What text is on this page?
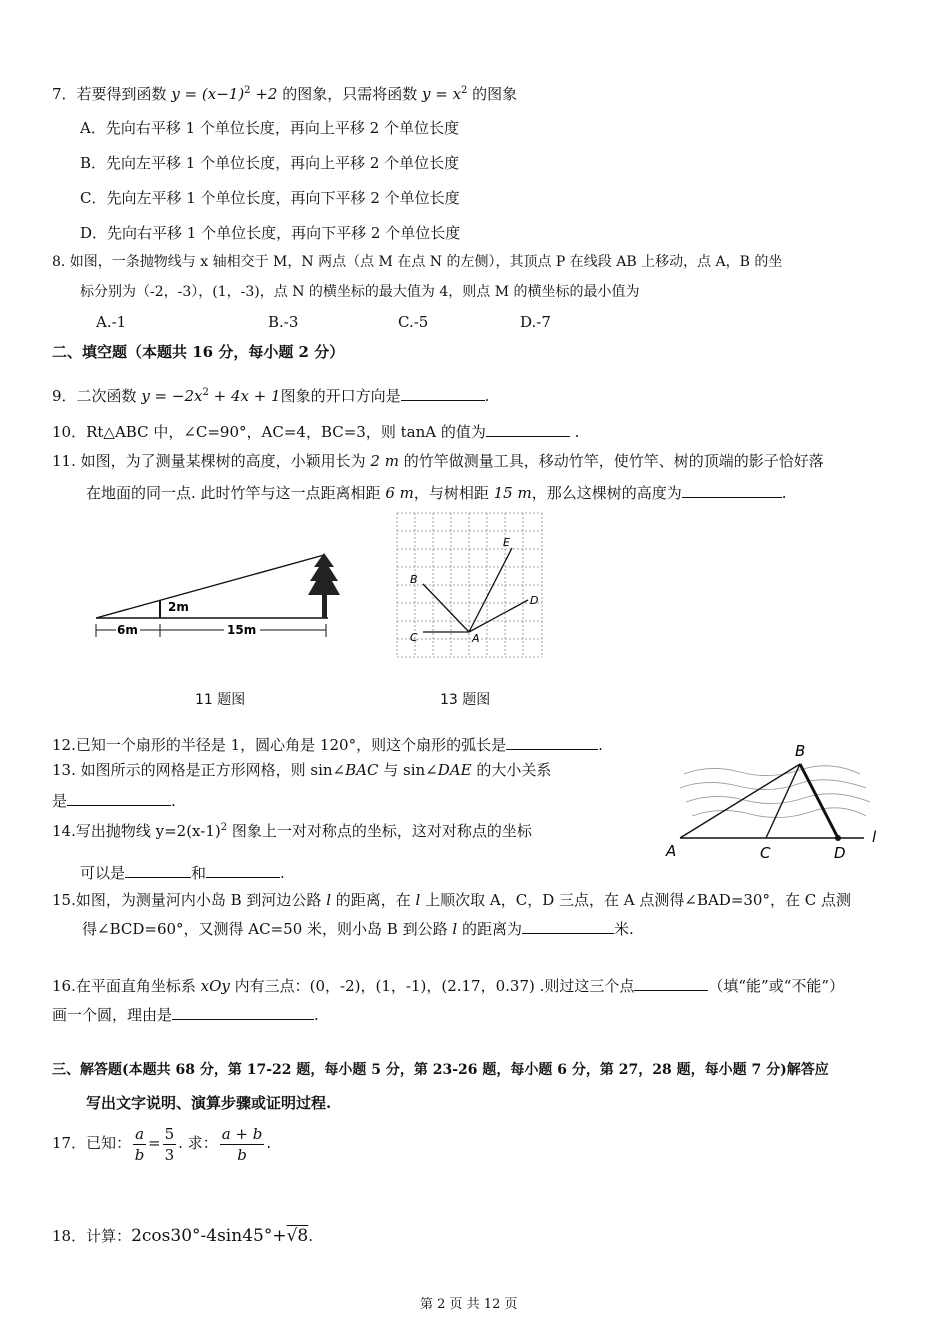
7．若要得到函数 $y = (x-1)^2 +2$ 的图象，只需将函数 $y = x^2$ 的图象
A．先向右平移 1 个单位长度，再向上平移 2 个单位长度
B．先向左平移 1 个单位长度，再向上平移 2 个单位长度
C．先向左平移 1 个单位长度，再向下平移 2 个单位长度
D．先向右平移 1 个单位长度，再向下平移 2 个单位长度
8. 如图，一条抛物线与 x 轴相交于 M，N 两点（点 M 在点 N 的左侧），其顶点 P 在线段 AB 上移动，点 A，B 的坐
标分别为（-2，-3），(1，-3)，点 N 的横坐标的最大值为 4，则点 M 的横坐标的最小值为
A.-1	B.-3	C.-5	D.-7
二、填空题（本题共 16 分，每小题 2 分）
9．二次函数 $y = -2x^2 + 4x + 1$图象的开口方向是	.
10．Rt△ABC 中，∠C=90°，AC=4，BC=3，则 tanA 的值为	.
11. 如图，为了测量某棵树的高度，小颖用长为 2 m 的竹竿做测量工具，移动竹竿，使竹竿、树的顶端的影子恰好落
在地面的同一点. 此时竹竿与这一点距离相距 6 m，与树相距 15 m，那么这棵树的高度为	.
2m
6m	15m
11 题图
B
C	A
E
D
13 题图
12.已知一个扇形的半径是 1，圆心角是 120°，则这个扇形的弧长是	.
13. 如图所示的网格是正方形网格，则 sin∠BAC 与 sin∠DAE 的大小关系
是	.
14.写出抛物线 $y=2(x-1)^2$ 图象上一对对称点的坐标，这对对称点的坐标
可以是	和	.
B
A	C	D
l
15.如图，为测量河内小岛 B 到河边公路 l 的距离，在 l 上顺次取 A，C，D 三点，在 A 点测得∠BAD=30°，在 C 点测
得∠BCD=60°，又测得 AC=50 米，则小岛 B 到公路 l 的距离为	米.
16.在平面直角坐标系 xOy 内有三点：(0，-2)，(1，-1)，(2.17，0.37) .则过这三个点	（填“能”或“不能”）
画一个圆，理由是	.
三、解答题(本题共 68 分，第 17-22 题，每小题 5 分，第 23-26 题，每小题 6 分，第 27，28 题，每小题 7 分)解答应
写出文字说明、演算步骤或证明过程.
17．已知： $\frac{a}{b} = \frac{5}{3}$ . 求： $\frac{a + b}{b}$ .
18．计算：2cos30°-4sin45°+√8.
第 2 页 共 12 页
